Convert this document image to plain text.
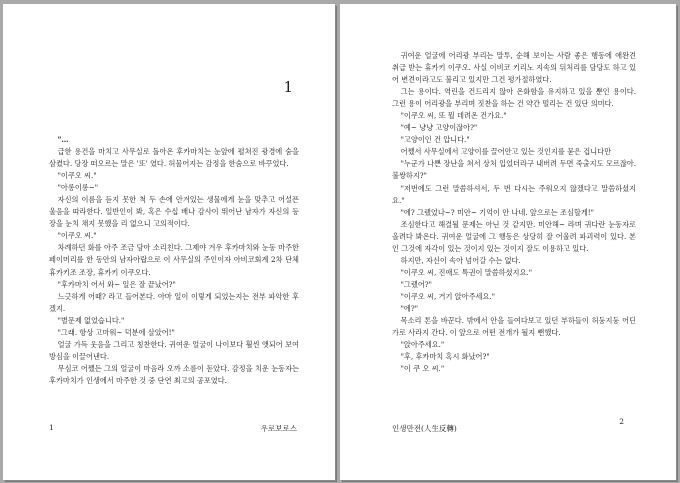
1

"…

급한 용건을 마치고 사무실로 돌아온 후카마치는 눈앞에 펼쳐진 광경에 숨을 삼켰다. 당장 떠오르는 말은 '또' 였다. 허물어지는 감정을 한숨으로 바꾸었다.

"이쿠오 씨."

"아롱이롱~"

자신의 이름을 듣지 못한 척 두 손에 안겨있는 생물에게 눈을 맞추고 어설픈 울음을 따라한다. 일반인이 봐, 혹은 수십 배나 감사이 뛰어난 남자가 자신의 등장을 눈치 채지 못했을 리 없으니 고의적이다.

"이쿠오 씨."

차례하던 화를 아주 조금 담아 소리친다. 그제야 겨우 후카마치와 눈동 마주한 페이머리를 한 동안의 남자아랍으로 이 사무실의 주인이자 아비코회계 2차 단체 휴카키조 조장, 휴카키 이쿠오다.

"후카마치 어서 와~ 일은 잘 끝났어?"

느긋하게 어때? 라고 들어본다. 아마 일이 이렇게 되었는지는 전부 파악한 후겠지.

"별문제 없었습니다."

"그래. 항상 고마워~ 덕분에 살았어!"

얼굴 가득 웃음을 그리고 칭찬한다. 귀여운 얼굴이 나이보다 훨씬 앳되어 보여 방심을 이끌어낸다.

무심코 어쨌든 그의 얼굴이 마음라 오까 소름이 돋았다. 감정을 치운 눈동자는 후카마치가 인생에서 마주한 것 중 단연 최고의 공포였다.

1	우로보로스

귀여운 얼굴에 어리광 부리는 말투, 순해 보이는 사람 좋은 행동에 애완견 취급 받는 휴카키 이쿠오. 사실 이비코 키리노 지속의 뒤처리를 담당도 하고 있어 변견이라고도 불리고 있지만 그건 평가절하였다.

그는 용이다. 역린을 건드리지 않아 온화함을 유지하고 있을 뿐인 용이다. 그런 용이 어리광을 부리며 짓찬을 하는 건 약간 떨리는 건 있단 의미다.

"이쿠오 씨, 또 뭘 데려온 건가요."

"예~ 냥냥 고양이잖아?"

"고양이인 건 압니다."

어쨌서 사무실에서 고양이를 끌어안고 있는 것인지를 묻은 겁니다만

"누군가 나쁜 장난을 쳐서 상처 입었더라구 내버려 두면 죽출지도 모르잖아. 불쌍하지?"

"저번에도 그런 말씀하셔서, 두 번 다시는 주워오지 않겠다고 말씀하셨지요."

"에? 그랬었나~? 미안~ 기억이 안 나네. 앞으로는 조심할게!"

조심한다고 해결될 문제는 아닌 것 같지만. 미안해~ 라며 귀다란 눈동자로 올려다 봐온다. 귀여운 얼굴에 그 행동은 상당히 잘 어울려 파괴력이 있다. 본인 그것에 자각이 있는 것이지 있는 것이지 잘도 이용하고 있다.

하지만, 자신이 속아 넘어갈 수는 없다.

"이쿠오 씨, 진애도 특권이 말씀하셨지요."

"그랬어?"

"이쿠오 씨, 거기 앉아주세요."

"에?"

목소리 톤을 바꾼다. 밖에서 안을 들여다보고 있던 부하들이 허둥지둥 어딘가로 사라지 간다. 이 앞으로 어떤 전개가 될지 뻔했다.

"앉아주세요."

"후, 후카마치 혹시 화났어?"

"이 쿠 오 씨."

2
인생만전(人生反轉)
